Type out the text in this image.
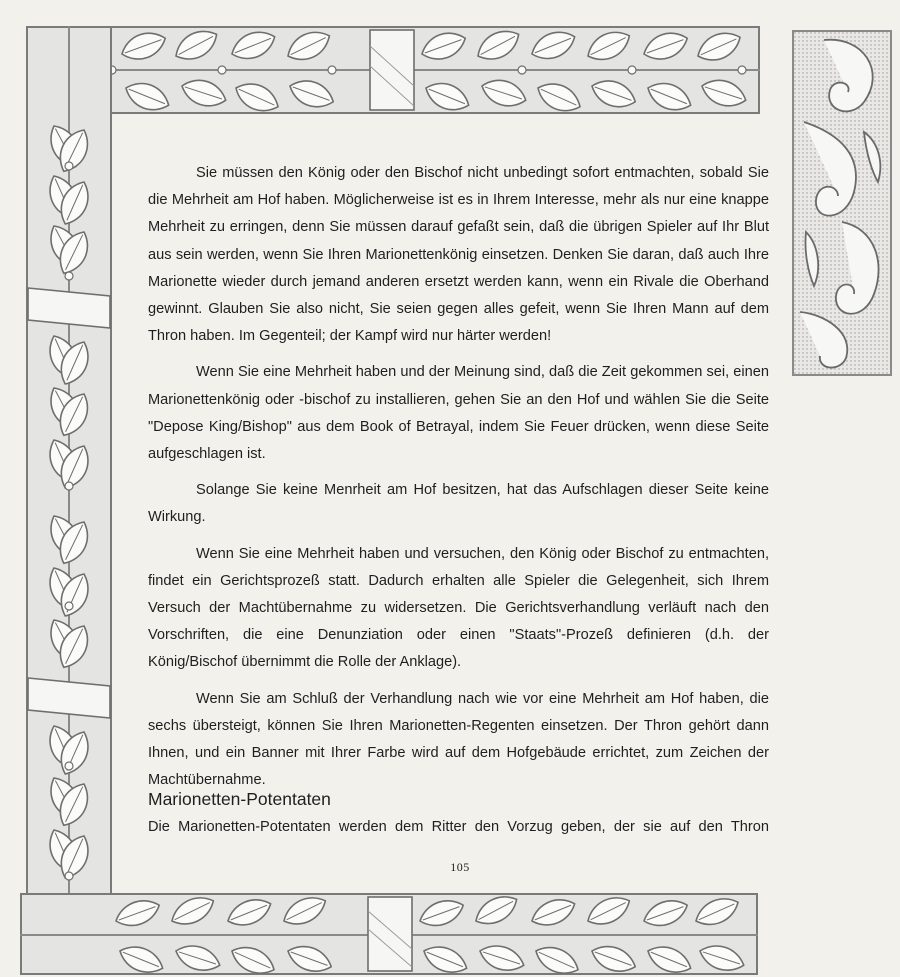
Sie müssen den König oder den Bischof nicht unbedingt sofort entmachten, sobald Sie die Mehrheit am Hof haben. Möglicherweise ist es in Ihrem Interesse, mehr als nur eine knappe Mehrheit zu erringen, denn Sie müssen darauf gefaßt sein, daß die übrigen Spieler auf Ihr Blut aus sein werden, wenn Sie Ihren Marionettenkönig einsetzen. Denken Sie daran, daß auch Ihre Marionette wieder durch jemand anderen ersetzt werden kann, wenn ein Rivale die Oberhand gewinnt. Glauben Sie also nicht, Sie seien gegen alles gefeit, wenn Sie Ihren Mann auf dem Thron haben. Im Gegenteil; der Kampf wird nur härter werden!

Wenn Sie eine Mehrheit haben und der Meinung sind, daß die Zeit gekommen sei, einen Marionettenkönig oder -bischof zu installieren, gehen Sie an den Hof und wählen Sie die Seite "Depose King/Bishop" aus dem Book of Betrayal, indem Sie Feuer drücken, wenn diese Seite aufgeschlagen ist.

Solange Sie keine Menrheit am Hof besitzen, hat das Aufschlagen dieser Seite keine Wirkung.

Wenn Sie eine Mehrheit haben und versuchen, den König oder Bischof zu entmachten, findet ein Gerichtsprozeß statt. Dadurch erhalten alle Spieler die Gelegenheit, sich Ihrem Versuch der Machtübernahme zu widersetzen. Die Gerichtsverhandlung verläuft nach den Vorschriften, die eine Denunziation oder einen "Staats"-Prozeß definieren (d.h. der König/Bischof übernimmt die Rolle der Anklage).

Wenn Sie am Schluß der Verhandlung nach wie vor eine Mehrheit am Hof haben, die sechs übersteigt, können Sie Ihren Marionetten-Regenten einsetzen. Der Thron gehört dann Ihnen, und ein Banner mit Ihrer Farbe wird auf dem Hofgebäude errichtet, zum Zeichen der Machtübernahme.

Marionetten-Potentaten
Die Marionetten-Potentaten werden dem Ritter den Vorzug geben, der sie auf den Thron
105
